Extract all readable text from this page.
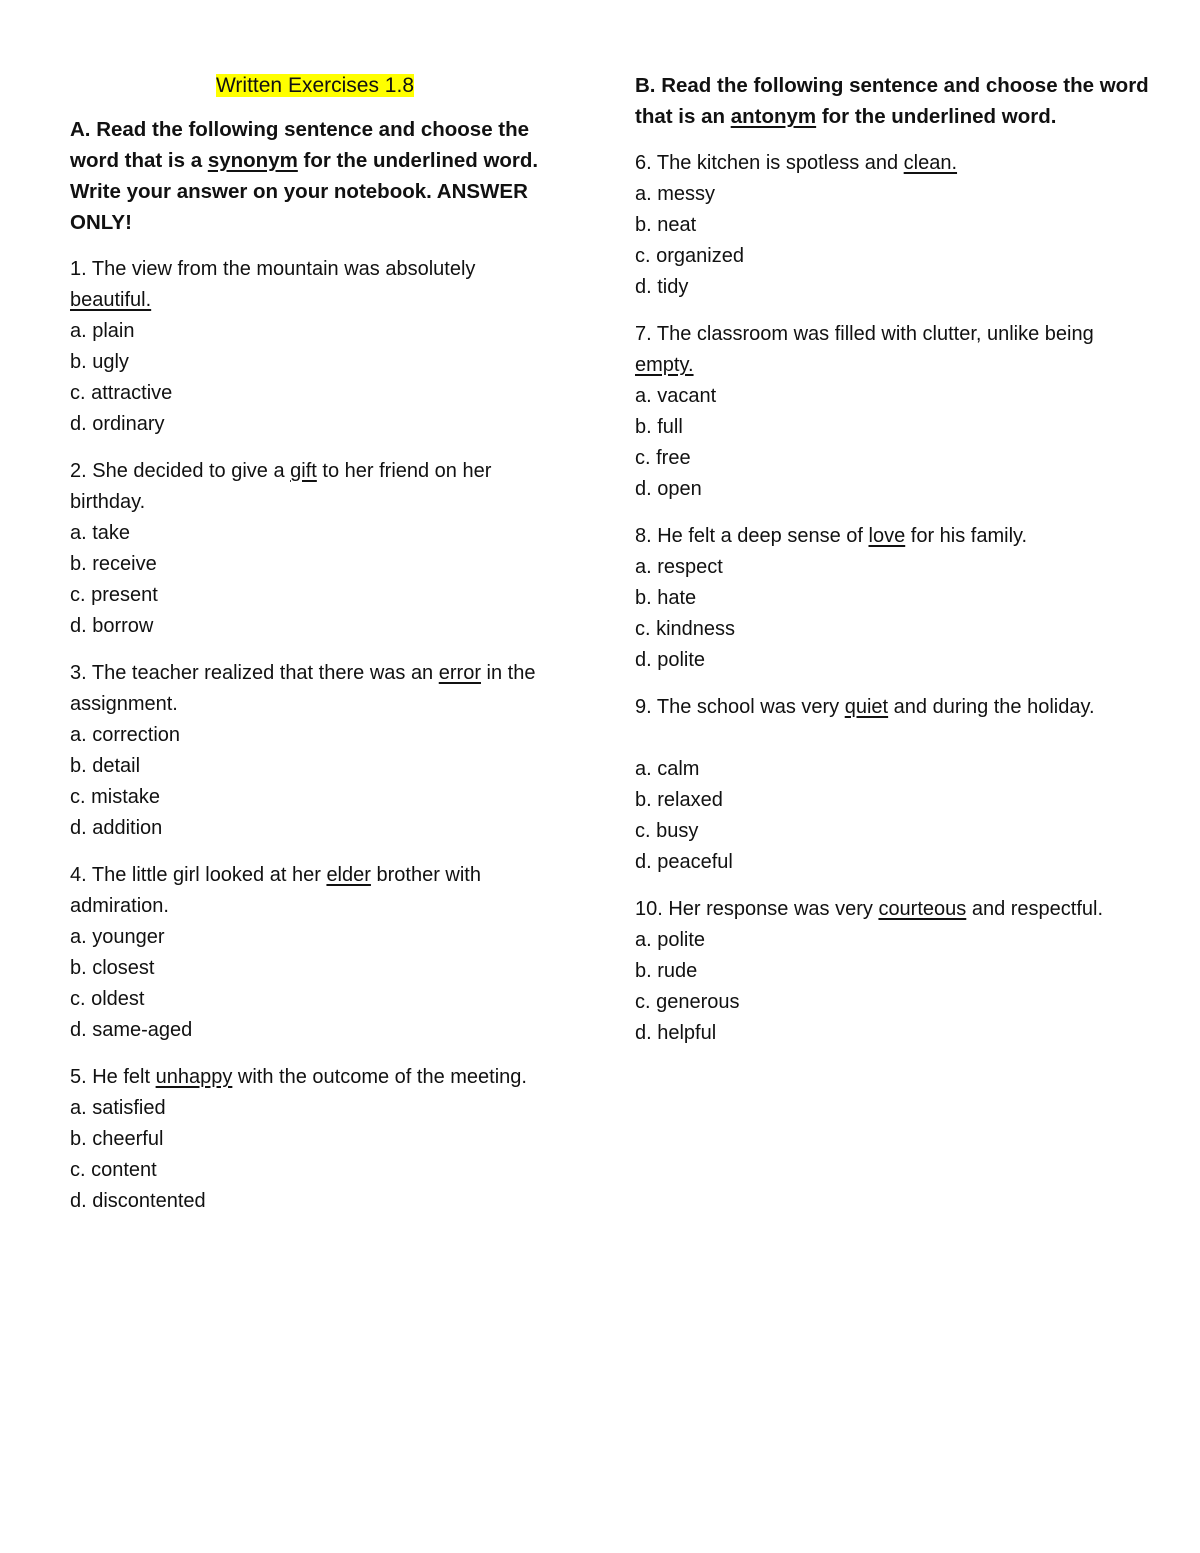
Written Exercises 1.8

A. Read the following sentence and choose the word that is a synonym for the underlined word. Write your answer on your notebook. ANSWER ONLY!

1. The view from the mountain was absolutely beautiful.
a. plain
b. ugly
c. attractive
d. ordinary
2. She decided to give a gift to her friend on her birthday.
a. take
b. receive
c. present
d. borrow
3. The teacher realized that there was an error in the assignment.
a. correction
b. detail
c. mistake
d. addition
4. The little girl looked at her elder brother with admiration.
a. younger
b. closest
c. oldest
d. same-aged
5. He felt unhappy with the outcome of the meeting.
a. satisfied
b. cheerful
c. content
d. discontented

B. Read the following sentence and choose the word that is an antonym for the underlined word.

6. The kitchen is spotless and clean.
a. messy
b. neat
c. organized
d. tidy
7. The classroom was filled with clutter, unlike being empty.
a. vacant
b. full
c. free
d. open
8. He felt a deep sense of love for his family.
a. respect
b. hate
c. kindness
d. polite
9. The school was very quiet and during the holiday.
a. calm
b. relaxed
c. busy
d. peaceful
10. Her response was very courteous and respectful.
a. polite
b. rude
c. generous
d. helpful
